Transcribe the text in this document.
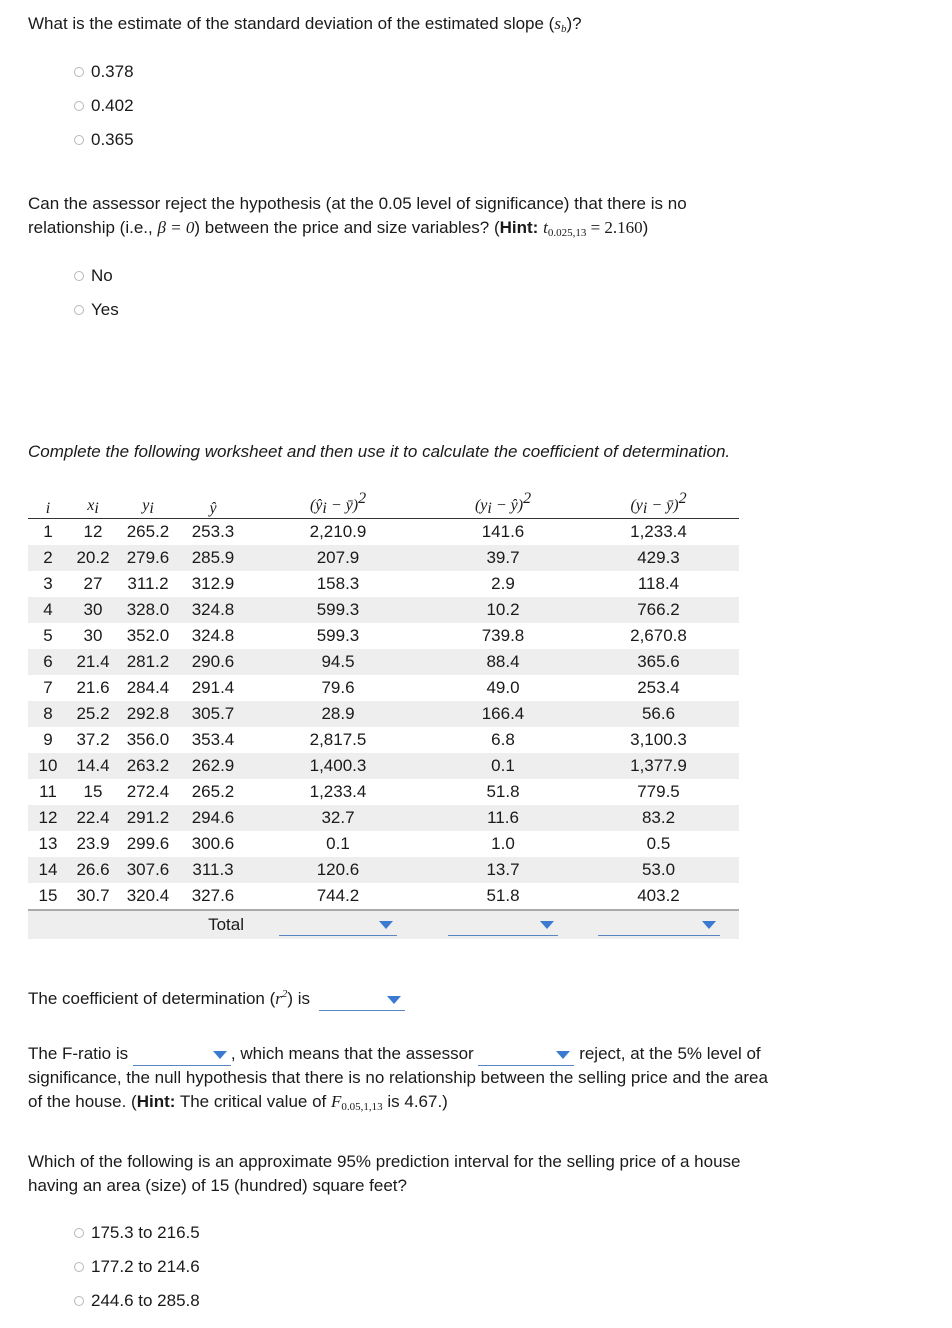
What is the estimate of the standard deviation of the estimated slope $(s_b)$?
0.378
0.402
0.365
Can the assessor reject the hypothesis (at the 0.05 level of significance) that there is no
relationship (i.e., β = 0) between the price and size variables? (Hint: $t_{0.025,13} = 2.160$)
No
Yes
Complete the following worksheet and then use it to calculate the coefficient of determination.
i	xi	yi	ŷ	(ŷi − ȳ)2	(yi − ŷ)2	(yi − ȳ)2
1	12	265.2	253.3	2,210.9	141.6	1,233.4
2	20.2	279.6	285.9	207.9	39.7	429.3
3	27	311.2	312.9	158.3	2.9	118.4
4	30	328.0	324.8	599.3	10.2	766.2
5	30	352.0	324.8	599.3	739.8	2,670.8
6	21.4	281.2	290.6	94.5	88.4	365.6
7	21.6	284.4	291.4	79.6	49.0	253.4
8	25.2	292.8	305.7	28.9	166.4	56.6
9	37.2	356.0	353.4	2,817.5	6.8	3,100.3
10	14.4	263.2	262.9	1,400.3	0.1	1,377.9
11	15	272.4	265.2	1,233.4	51.8	779.5
12	22.4	291.2	294.6	32.7	11.6	83.2
13	23.9	299.6	300.6	0.1	1.0	0.5
14	26.6	307.6	311.3	120.6	13.7	53.0
15	30.7	320.4	327.6	744.2	51.8	403.2
Total				

The coefficient of determination $(r^2)$ is
The F-ratio is	, which means that the assessor	reject, at the 5% level of
significance, the null hypothesis that there is no relationship between the selling price and the area
of the house. (Hint: The critical value of $F_{0.05,1,13}$ is 4.67.)
Which of the following is an approximate 95% prediction interval for the selling price of a house
having an area (size) of 15 (hundred) square feet?
175.3 to 216.5
177.2 to 214.6
244.6 to 285.8
